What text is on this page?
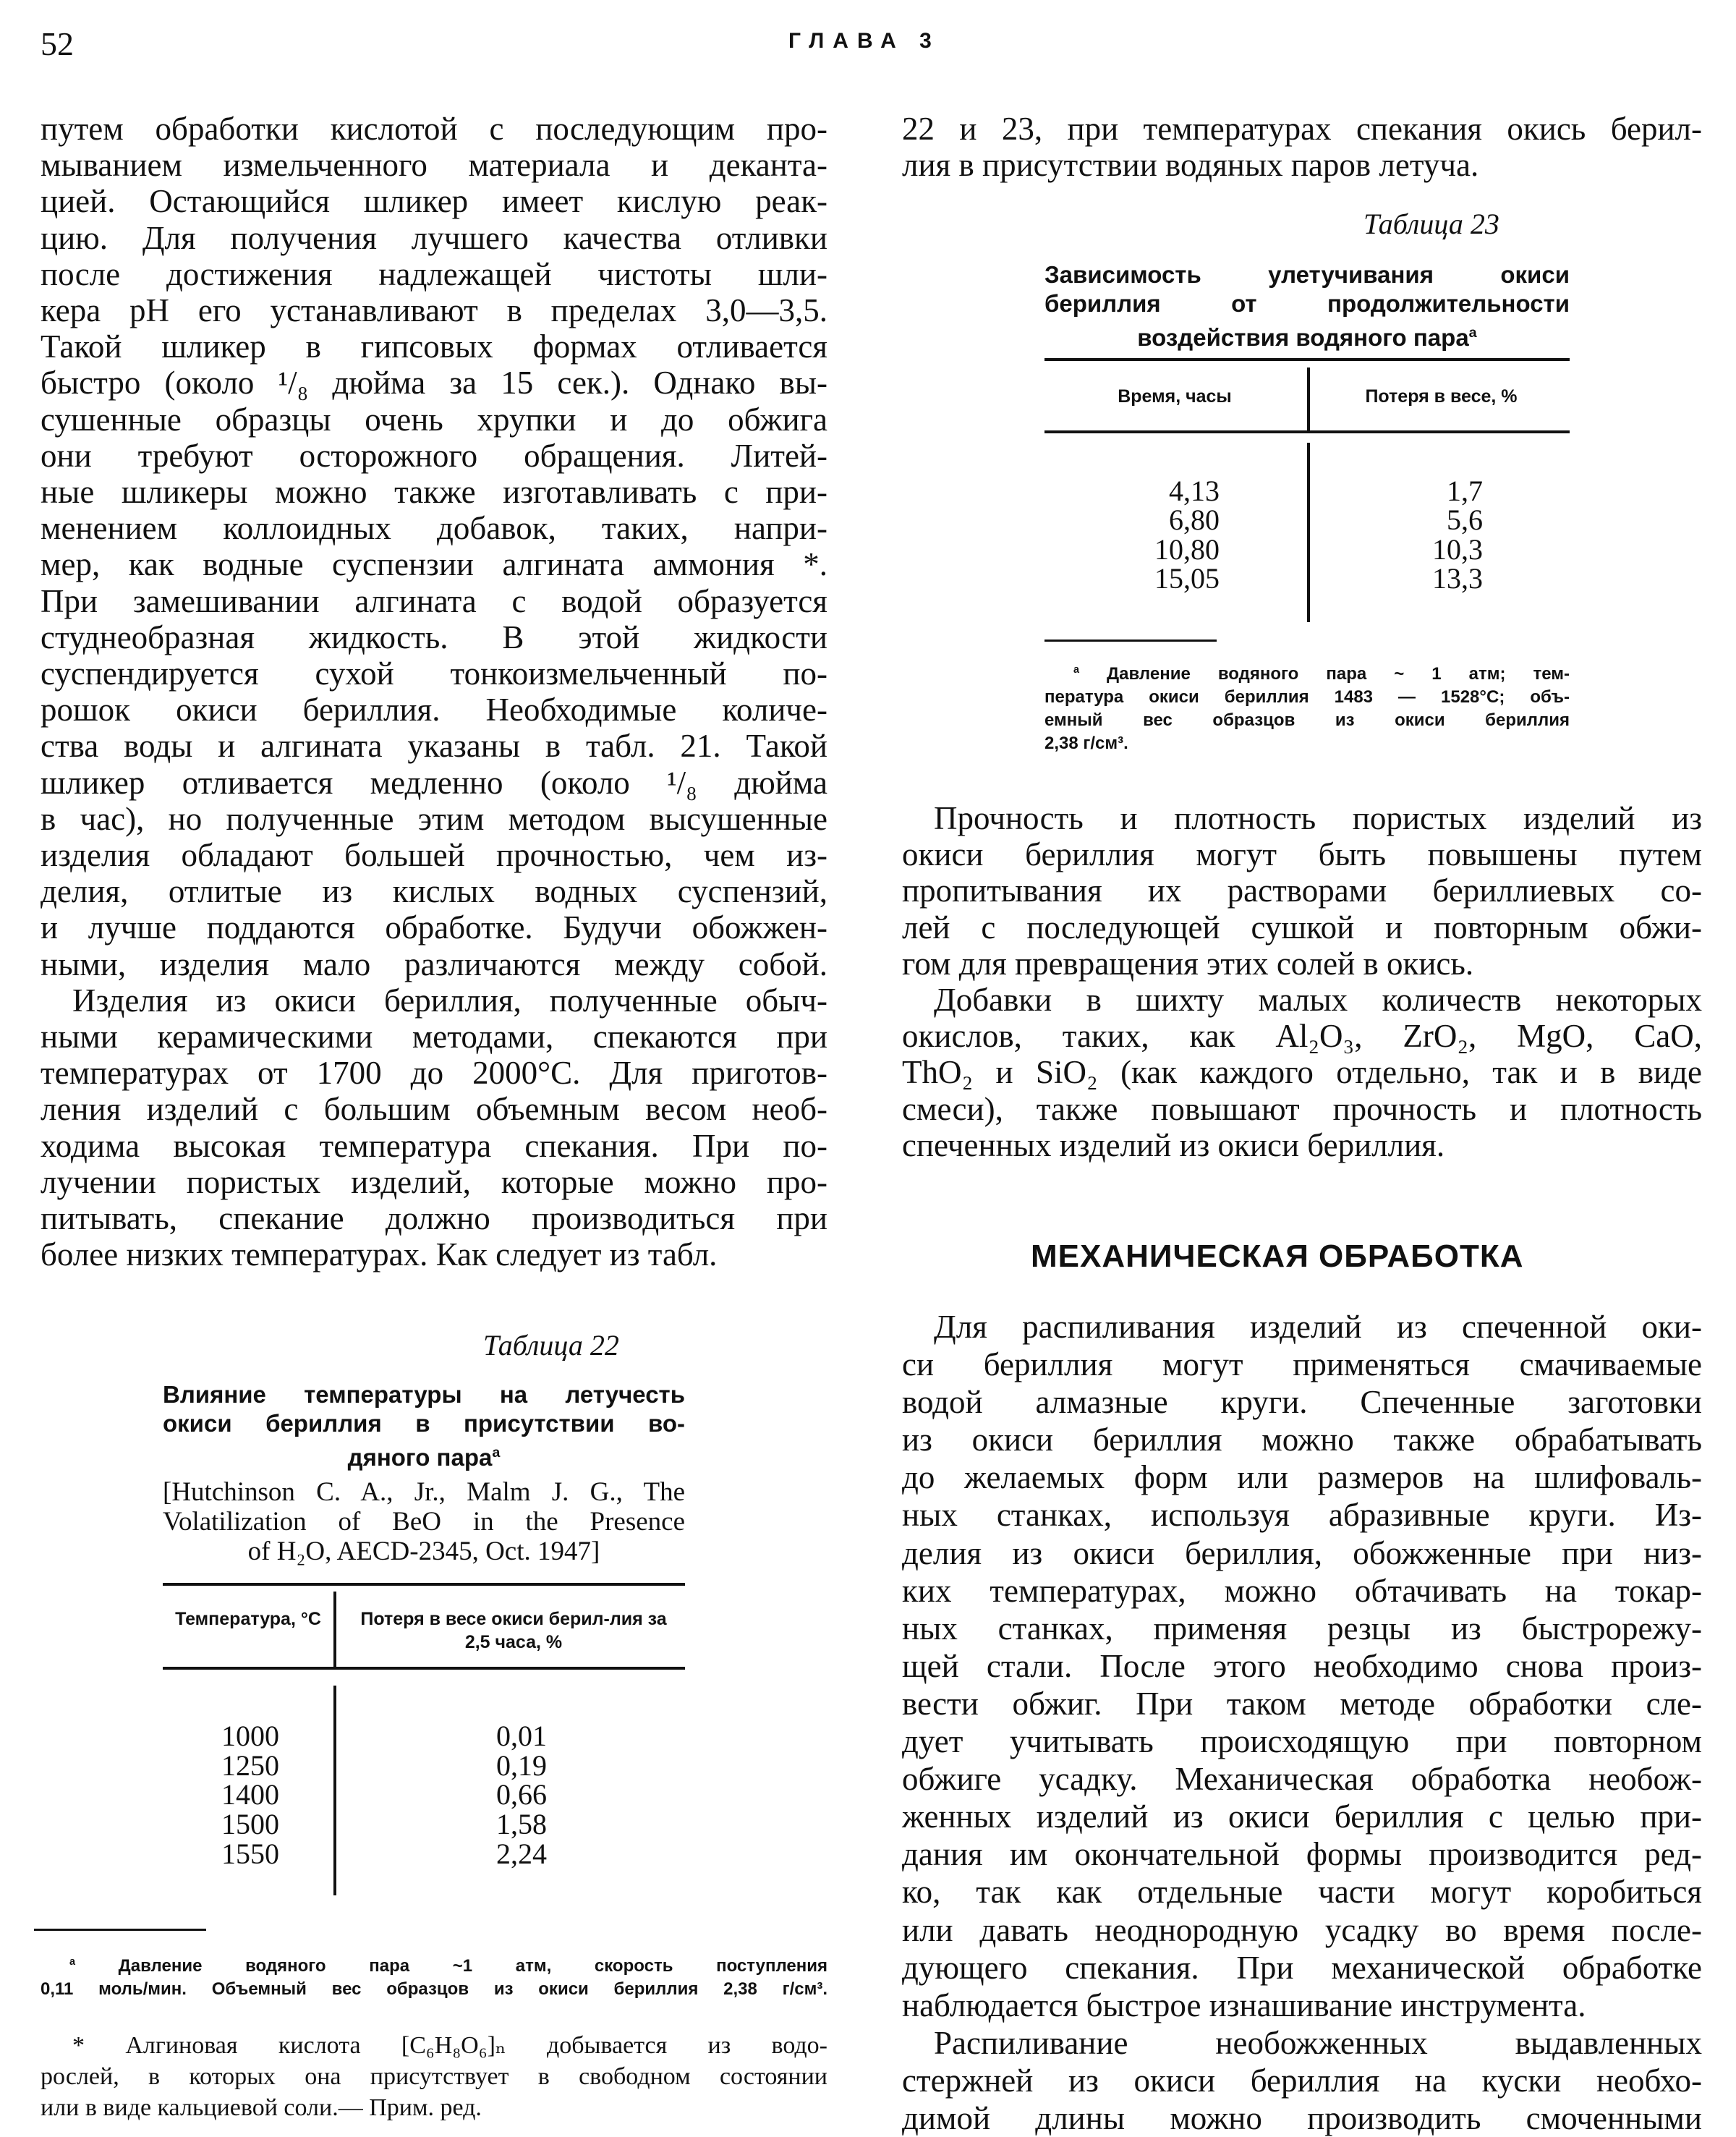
52	ГЛАВА 3
путем обработки кислотой с последующим про-
мыванием измельченного материала и деканта-
цией. Остающийся шликер имеет кислую реак-
цию. Для получения лучшего качества отливки
после достижения надлежащей чистоты шли-
кера pH его устанавливают в пределах 3,0—3,5.
Такой шликер в гипсовых формах отливается
быстро (около ¹/₈ дюйма за 15 сек.). Однако вы-
сушенные образцы очень хрупки и до обжига
они требуют осторожного обращения. Литей-
ные шликеры можно также изготавливать с при-
менением коллоидных добавок, таких, напри-
мер, как водные суспензии алгината аммония *.
При замешивании алгината с водой образуется
студнеобразная жидкость. В этой жидкости
суспендируется сухой тонкоизмельченный по-
рошок окиси бериллия. Необходимые количе-
ства воды и алгината указаны в табл. 21. Такой
шликер отливается медленно (около ¹/₈ дюйма
в час), но полученные этим методом высушенные
изделия обладают большей прочностью, чем из-
делия, отлитые из кислых водных суспензий,
и лучше поддаются обработке. Будучи обожжен-
ными, изделия мало различаются между собой.
Изделия из окиси бериллия, полученные обыч-
ными керамическими методами, спекаются при
температурах от 1700 до 2000°С. Для приготов-
ления изделий с большим объемным весом необ-
ходима высокая температура спекания. При по-
лучении пористых изделий, которые можно про-
питывать, спекание должно производиться при
более низких температурах. Как следует из табл.
22 и 23, при температурах спекания окись берил-
лия в присутствии водяных паров летуча.
Прочность и плотность пористых изделий из
окиси бериллия могут быть повышены путем
пропитывания их растворами бериллиевых со-
лей с последующей сушкой и повторным обжи-
гом для превращения этих солей в окись.
Добавки в шихту малых количеств некоторых
окислов, таких, как Al₂O₃, ZrO₂, MgO, CaO,
ThO₂ и SiO₂ (как каждого отдельно, так и в виде
смеси), также повышают прочность и плотность
спеченных изделий из окиси бериллия.
МЕХАНИЧЕСКАЯ ОБРАБОТКА
Для распиливания изделий из спеченной оки-
си бериллия могут применяться смачиваемые
водой алмазные круги. Спеченные заготовки
из окиси бериллия можно также обрабатывать
до желаемых форм или размеров на шлифоваль-
ных станках, используя абразивные круги. Из-
делия из окиси бериллия, обожженные при низ-
ких температурах, можно обтачивать на токар-
ных станках, применяя резцы из быстрорежу-
щей стали. После этого необходимо снова произ-
вести обжиг. При таком методе обработки сле-
дует учитывать происходящую при повторном
обжиге усадку. Механическая обработка необож-
женных изделий из окиси бериллия с целью при-
дания им окончательной формы производится ред-
ко, так как отдельные части могут коробиться
или давать неоднородную усадку во время после-
дующего спекания. При механической обработке
наблюдается быстрое изнашивание инструмента.
Распиливание необожженных выдавленных
стержней из окиси бериллия на куски необхо-
димой длины можно производить смоченными
Таблица 22
Влияние температуры на летучесть
окиси бериллия в присутствии во-
дяного пара$^a$
[Hutchinson C. A., Jr., Malm J. G., The
Volatilization of BeO in the Presence
of H₂O, AECD-2345, Oct. 1947]
Температура, °С	Потеря в весе окиси берил-лия за 2,5 часа, %
1000	0,01
1250	0,19
1400	0,66
1500	1,58
1550	2,24
$^a$ Давление водяного пара ~1 атм, скорость поступления
0,11 моль/мин. Объемный вес образцов из окиси бериллия 2,38 г/см³.
* Алгиновая кислота [C₆H₈O₆]ₙ добывается из водо-
рослей, в которых она присутствует в свободном состоянии
или в виде кальциевой соли.— Прим. ред.
Таблица 23
Зависимость улетучивания окиси
бериллия от продолжительности
воздействия водяного пара$^a$
Время, часы	Потеря в весе, %
4,13	1,7
6,80	5,6
10,80	10,3
15,05	13,3
$^a$ Давление водяного пара ~ 1 атм; тем-
пература окиси бериллия 1483 — 1528°С; объ-
емный вес образцов из окиси бериллия
2,38 г/см³.
